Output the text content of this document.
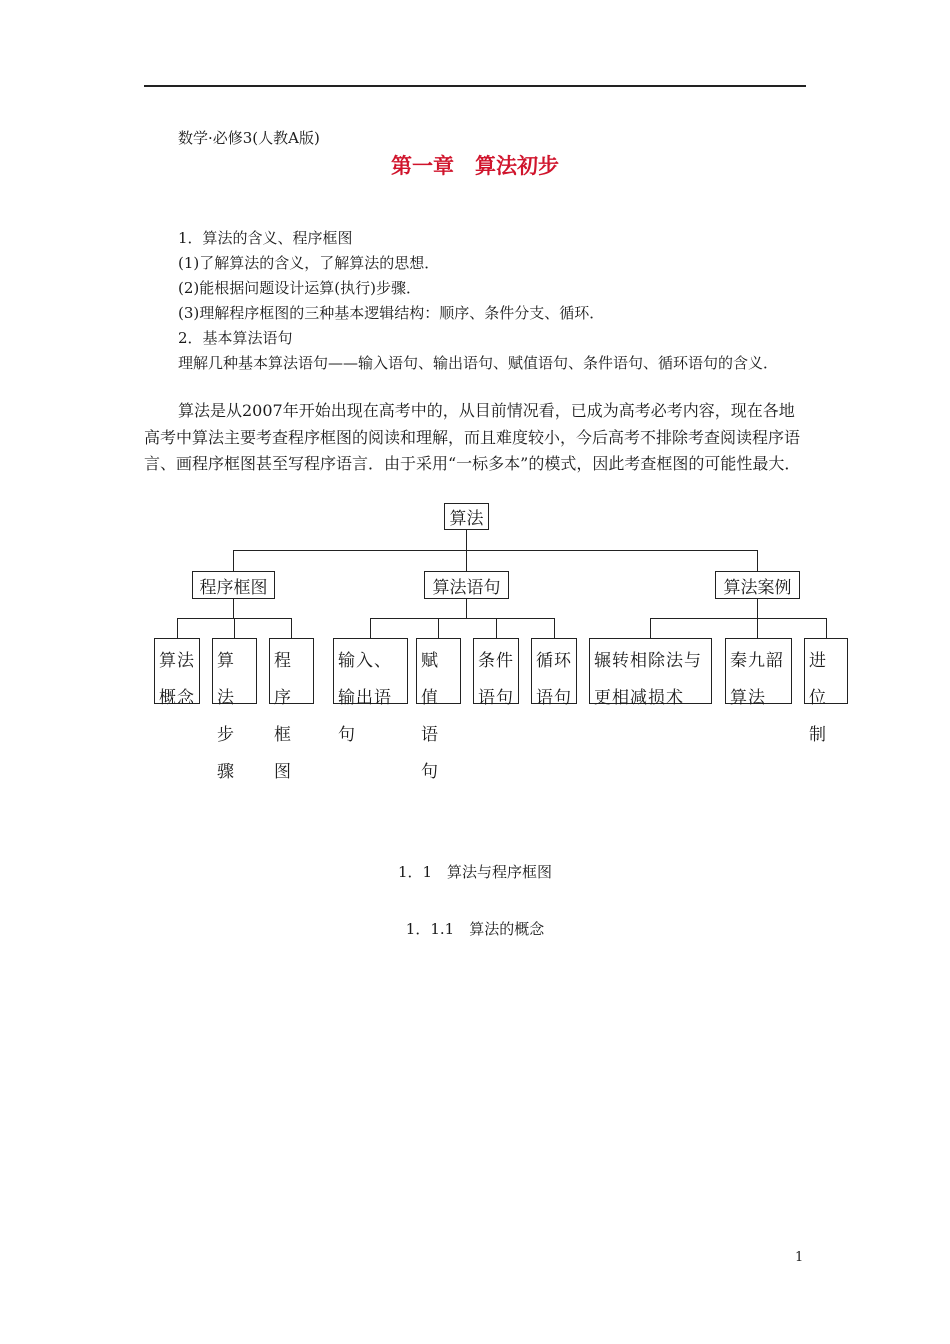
数学·必修3(人教A版)
第一章　算法初步
1．算法的含义、程序框图
(1)了解算法的含义，了解算法的思想．
(2)能根据问题设计运算(执行)步骤．
(3)理解程序框图的三种基本逻辑结构：顺序、条件分支、循环．
2．基本算法语句
理解几种基本算法语句——输入语句、输出语句、赋值语句、条件语句、循环语句的含义．

算法是从2007年开始出现在高考中的，从目前情况看，已成为高考必考内容，现在各地高考中算法主要考查程序框图的阅读和理解，而且难度较小，今后高考不排除考查阅读程序语言、画程序框图甚至写程序语言．由于采用“一标多本”的模式，因此考查框图的可能性最大．

算法
程序框图	算法语句	算法案例
算法概念
算法步骤
程序框图
输入、输出语句
赋值语句
条件语句
循环语句
辗转相除法与更相减损术
秦九韶算法
进位制
1．1　算法与程序框图
1．1.1　算法的概念
1
